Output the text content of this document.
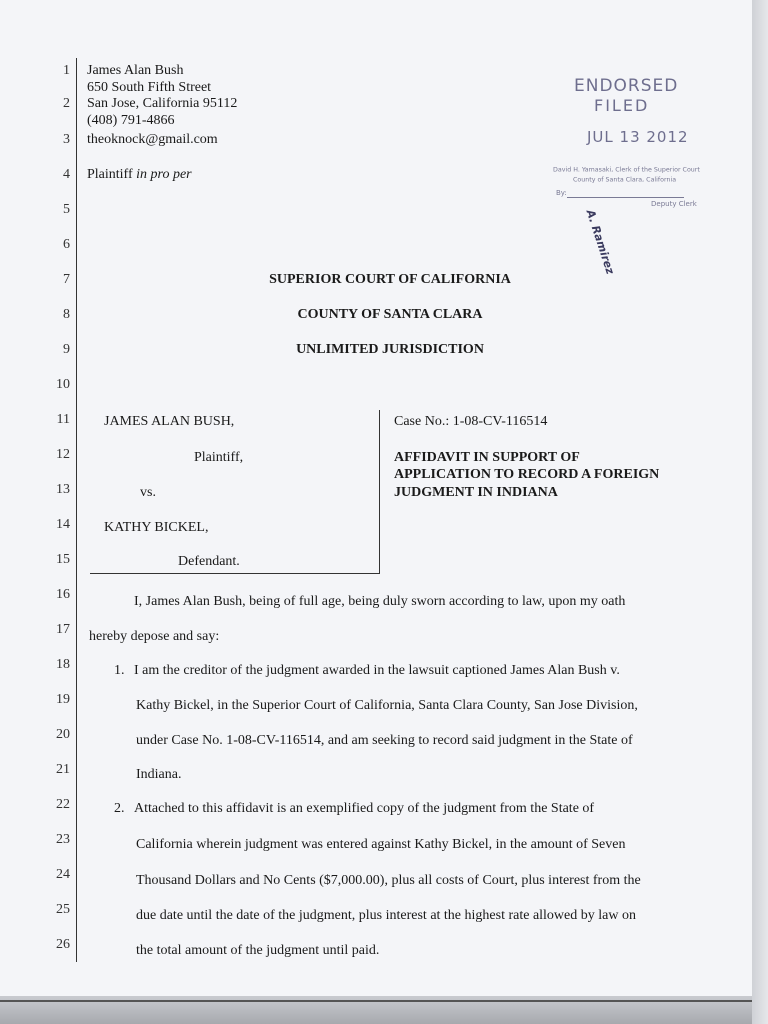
1
2
3
4
5
6
7
8
9
10
11
12
13
14
15
16
17
18
19
20
21
22
23
24
25
26
James Alan Bush
650 South Fifth Street
San Jose, California 95112
(408) 791-4866
theoknock@gmail.com
Plaintiff in pro per
ENDORSED
FILED
JUL 13 2012
David H. Yamasaki, Clerk of the Superior Court
County of Santa Clara, California
By:
Deputy Clerk
A. Ramirez
SUPERIOR COURT OF CALIFORNIA
COUNTY OF SANTA CLARA
UNLIMITED JURISDICTION
JAMES ALAN BUSH,
Plaintiff,
vs.
KATHY BICKEL,
Defendant.
Case No.: 1-08-CV-116514
AFFIDAVIT IN SUPPORT OF
APPLICATION TO RECORD A FOREIGN
JUDGMENT IN INDIANA
I, James Alan Bush, being of full age, being duly sworn according to law, upon my oath
hereby depose and say:
1. I am the creditor of the judgment awarded in the lawsuit captioned James Alan Bush v.
Kathy Bickel, in the Superior Court of California, Santa Clara County, San Jose Division,
under Case No. 1-08-CV-116514, and am seeking to record said judgment in the State of
Indiana.
2. Attached to this affidavit is an exemplified copy of the judgment from the State of
California wherein judgment was entered against Kathy Bickel, in the amount of Seven
Thousand Dollars and No Cents ($7,000.00), plus all costs of Court, plus interest from the
due date until the date of the judgment, plus interest at the highest rate allowed by law on
the total amount of the judgment until paid.
